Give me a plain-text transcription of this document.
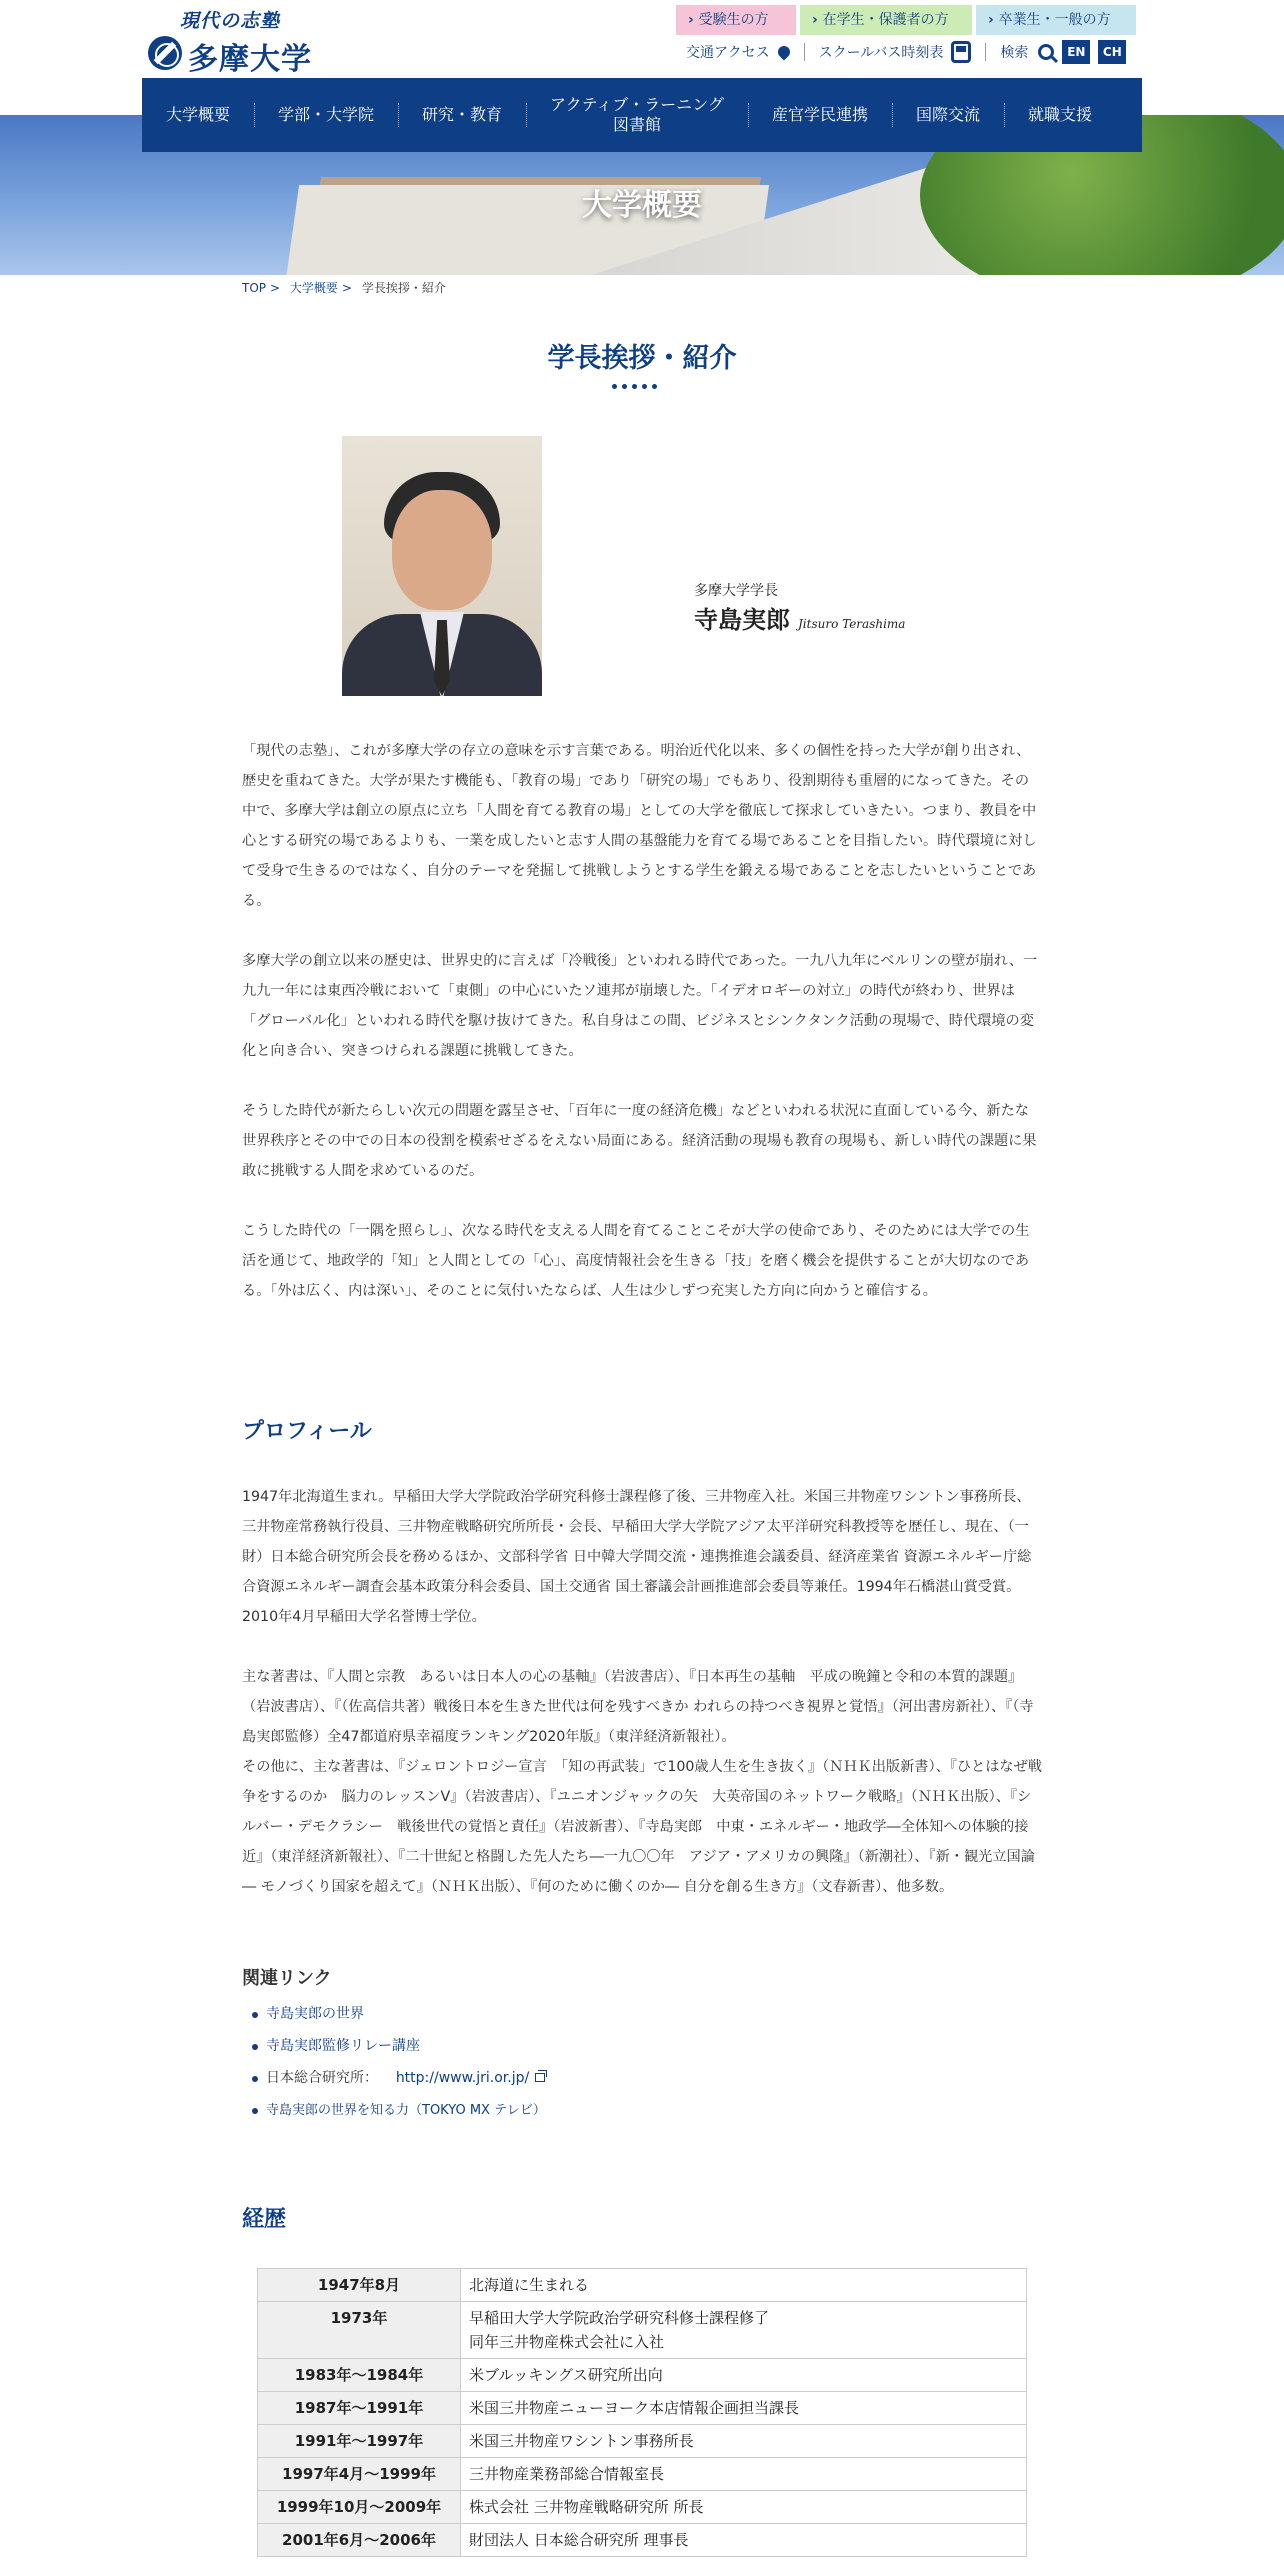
現代の志塾
多摩大学
› 受験生の方	› 在学生・保護者の方	› 卒業生・一般の方
交通アクセス	スクールバス時刻表	検索	EN	CH
大学概要
大学概要	学部・大学院	研究・教育
アクティブ・ラーニング
図書館
産官学民連携	国際交流	就職支援
TOP > 大学概要 > 学長挨拶・紹介
学長挨拶・紹介
多摩大学学長
寺島実郎 Jitsuro Terashima

「現代の志塾」、これが多摩大学の存立の意味を示す言葉である。明治近代化以来、多くの個性を持った大学が創り出され、歴史を重ねてきた。大学が果たす機能も、「教育の場」であり「研究の場」でもあり、役割期待も重層的になってきた。その中で、多摩大学は創立の原点に立ち「人間を育てる教育の場」としての大学を徹底して探求していきたい。つまり、教員を中心とする研究の場であるよりも、一業を成したいと志す人間の基盤能力を育てる場であることを目指したい。時代環境に対して受身で生きるのではなく、自分のテーマを発掘して挑戦しようとする学生を鍛える場であることを志したいということである。

多摩大学の創立以来の歴史は、世界史的に言えば「冷戦後」といわれる時代であった。一九八九年にベルリンの壁が崩れ、一九九一年には東西冷戦において「東側」の中心にいたソ連邦が崩壊した。「イデオロギーの対立」の時代が終わり、世界は「グローバル化」といわれる時代を駆け抜けてきた。私自身はこの間、ビジネスとシンクタンク活動の現場で、時代環境の変化と向き合い、突きつけられる課題に挑戦してきた。

そうした時代が新たらしい次元の問題を露呈させ、「百年に一度の経済危機」などといわれる状況に直面している今、新たな世界秩序とその中での日本の役割を模索せざるをえない局面にある。経済活動の現場も教育の現場も、新しい時代の課題に果敢に挑戦する人間を求めているのだ。

こうした時代の「一隅を照らし」、次なる時代を支える人間を育てることこそが大学の使命であり、そのためには大学での生活を通じて、地政学的「知」と人間としての「心」、高度情報社会を生きる「技」を磨く機会を提供することが大切なのである。「外は広く、内は深い」、そのことに気付いたならば、人生は少しずつ充実した方向に向かうと確信する。

プロフィール

1947年北海道生まれ。早稲田大学大学院政治学研究科修士課程修了後、三井物産入社。米国三井物産ワシントン事務所長、三井物産常務執行役員、三井物産戦略研究所所長・会長、早稲田大学大学院アジア太平洋研究科教授等を歴任し、現在、（一財）日本総合研究所会長を務めるほか、文部科学省 日中韓大学間交流・連携推進会議委員、経済産業省 資源エネルギー庁総合資源エネルギー調査会基本政策分科会委員、国土交通省 国土審議会計画推進部会委員等兼任。1994年石橋湛山賞受賞。2010年4月早稲田大学名誉博士学位。

主な著書は、『人間と宗教　あるいは日本人の心の基軸』（岩波書店）、『日本再生の基軸　平成の晩鐘と令和の本質的課題』（岩波書店）、『（佐高信共著）戦後日本を生きた世代は何を残すべきか われらの持つべき視界と覚悟』（河出書房新社）、『（寺島実郎監修）全47都道府県幸福度ランキング2020年版』（東洋経済新報社）。

その他に、主な著書は、『ジェロントロジー宣言　「知の再武装」で100歳人生を生き抜く』（ＮＨＫ出版新書）、『ひとはなぜ戦争をするのか　脳力のレッスンV』（岩波書店）、『ユニオンジャックの矢　大英帝国のネットワーク戦略』（ＮＨＫ出版）、『シルバー・デモクラシー　戦後世代の覚悟と責任』（岩波新書）、『寺島実郎　中東・エネルギー・地政学―全体知への体験的接近』（東洋経済新報社）、『二十世紀と格闘した先人たち―一九〇〇年　アジア・アメリカの興隆』（新潮社）、『新・観光立国論― モノづくり国家を超えて』（ＮＨＫ出版）、『何のために働くのか― 自分を創る生き方』（文春新書）、他多数。

関連リンク
寺島実郎の世界
寺島実郎監修リレー講座
日本総合研究所： http://www.jri.or.jp/
寺島実郎の世界を知る力（TOKYO MX テレビ）
経歴
1947年8月	北海道に生まれる
1973年	早稲田大学大学院政治学研究科修士課程修了
同年三井物産株式会社に入社

1983年～1984年	米ブルッキングス研究所出向
1987年～1991年	米国三井物産ニューヨーク本店情報企画担当課長
1991年～1997年	米国三井物産ワシントン事務所長
1997年4月～1999年	三井物産業務部総合情報室長
1999年10月～2009年	株式会社 三井物産戦略研究所 所長
2001年6月～2006年	財団法人 日本総合研究所 理事長
